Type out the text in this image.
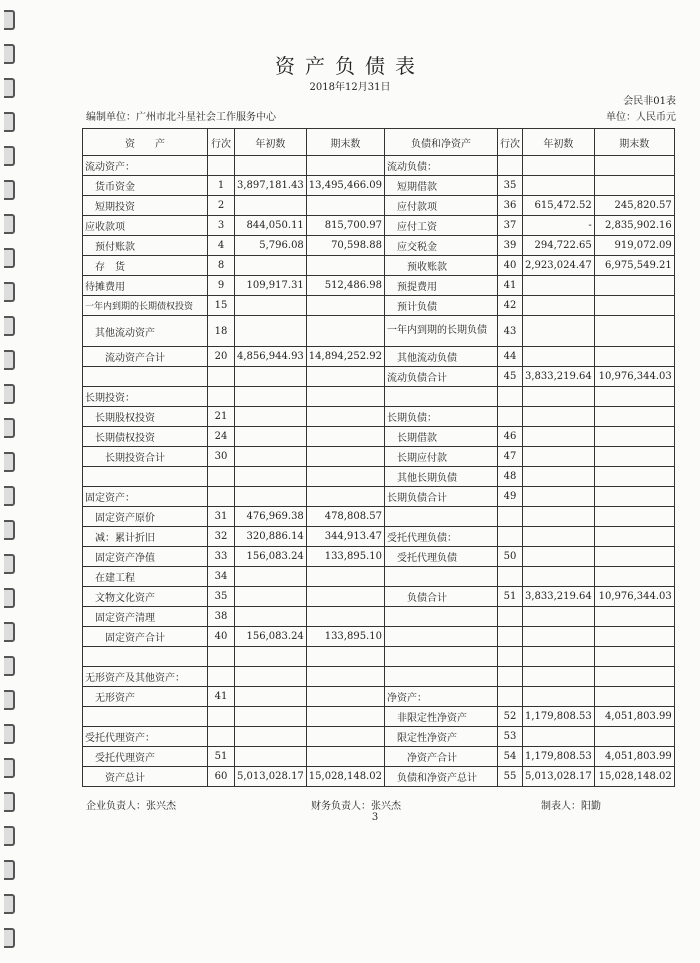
资产负债表
2018年12月31日
会民非01表
编制单位：广州市北斗星社会工作服务中心	单位：人民币元
资　　产	行次	年初数	期末数	负债和净资产	行次	年初数	期末数
流动资产：				流动负债：			
货币资金	1	3,897,181.43	13,495,466.09	短期借款	35		
短期投资	2			应付款项	36	615,472.52	245,820.57
应收款项	3	844,050.11	815,700.97	应付工资	37	-	2,835,902.16
预付账款	4	5,796.08	70,598.88	应交税金	39	294,722.65	919,072.09
存　货	8			预收账款	40	2,923,024.47	6,975,549.21
待摊费用	9	109,917.31	512,486.98	预提费用	41		
一年内到期的长期债权投资	15			预计负债	42		
其他流动资产	18			一年内到期的长期负债	43		
流动资产合计	20	4,856,944.93	14,894,252.92	其他流动负债	44		
				流动负债合计	45	3,833,219.64	10,976,344.03
长期投资：							
长期股权投资	21			长期负债：			
长期债权投资	24			长期借款	46		
长期投资合计	30			长期应付款	47		
				其他长期负债	48		
固定资产：				长期负债合计	49		
固定资产原价	31	476,969.38	478,808.57				
减：累计折旧	32	320,886.14	344,913.47	受托代理负债：			
固定资产净值	33	156,083.24	133,895.10	受托代理负债	50		
在建工程	34						
文物文化资产	35			负债合计	51	3,833,219.64	10,976,344.03
固定资产清理	38						
固定资产合计	40	156,083.24	133,895.10				

无形资产及其他资产：							
无形资产	41			净资产：			
				非限定性净资产	52	1,179,808.53	4,051,803.99
受托代理资产：				限定性净资产	53		
受托代理资产	51			净资产合计	54	1,179,808.53	4,051,803.99
资产总计	60	5,013,028.17	15,028,148.02	负债和净资产总计	55	5,013,028.17	15,028,148.02
企业负责人：张兴杰	财务负责人：张兴杰	制表人：阳勤
3
